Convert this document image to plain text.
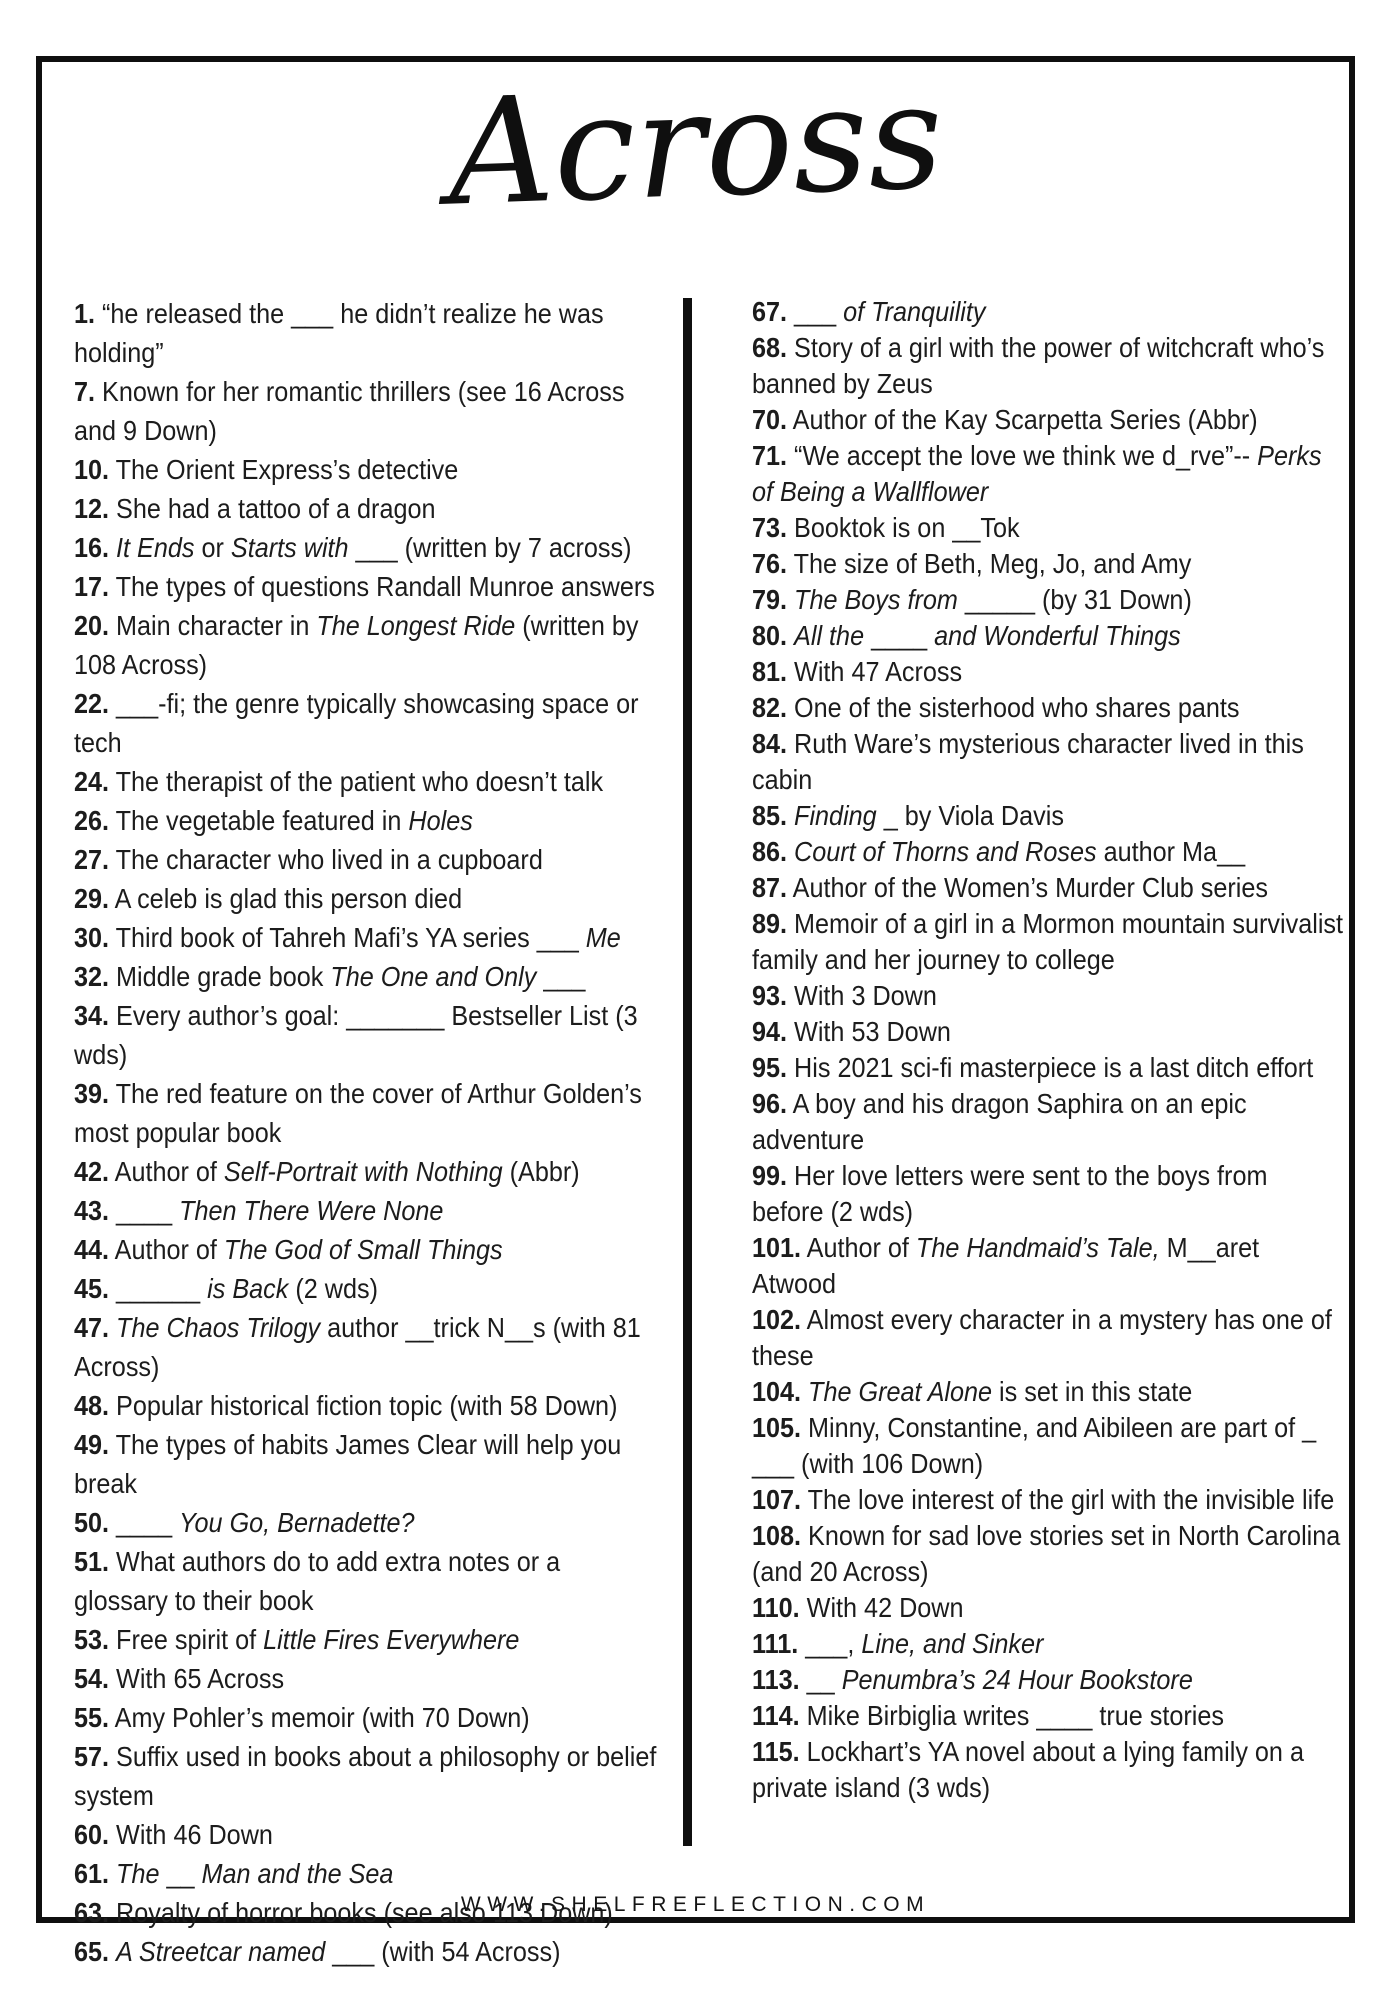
Across

1. “he released the ___ he didn’t realize he was holding”

7. Known for her romantic thrillers (see 16 Across and 9 Down)

10. The Orient Express’s detective

12. She had a tattoo of a dragon

16. It Ends or Starts with ___ (written by 7 across)

17. The types of questions Randall Munroe answers

20. Main character in The Longest Ride (written by 108 Across)

22. ___-fi; the genre typically showcasing space or tech

24. The therapist of the patient who doesn’t talk

26. The vegetable featured in Holes

27. The character who lived in a cupboard

29. A celeb is glad this person died

30. Third book of Tahreh Mafi’s YA series ___ Me

32. Middle grade book The One and Only ___

34. Every author’s goal: _______ Bestseller List (3 wds)

39. The red feature on the cover of Arthur Golden’s most popular book

42. Author of Self-Portrait with Nothing (Abbr)

43. ____ Then There Were None

44. Author of The God of Small Things

45. ______ is Back (2 wds)

47. The Chaos Trilogy author __trick N__s (with 81 Across)

48. Popular historical fiction topic (with 58 Down)

49. The types of habits James Clear will help you break

50. ____ You Go, Bernadette?

51. What authors do to add extra notes or a glossary to their book

53. Free spirit of Little Fires Everywhere

54. With 65 Across

55. Amy Pohler’s memoir (with 70 Down)

57. Suffix used in books about a philosophy or belief system

60. With 46 Down

61. The __ Man and the Sea

63. Royalty of horror books (see also 113 Down)

65. A Streetcar named ___ (with 54 Across)

67. ___ of Tranquility

68. Story of a girl with the power of witchcraft who’s banned by Zeus

70. Author of the Kay Scarpetta Series (Abbr)

71. “We accept the love we think we d_rve”-- Perks of Being a Wallflower

73. Booktok is on __Tok

76. The size of Beth, Meg, Jo, and Amy

79. The Boys from _____ (by 31 Down)

80. All the ____ and Wonderful Things

81. With 47 Across

82. One of the sisterhood who shares pants

84. Ruth Ware’s mysterious character lived in this cabin

85. Finding _ by Viola Davis

86. Court of Thorns and Roses author Ma__

87. Author of the Women’s Murder Club series

89. Memoir of a girl in a Mormon mountain survivalist family and her journey to college

93. With 3 Down

94. With 53 Down

95. His 2021 sci-fi masterpiece is a last ditch effort

96. A boy and his dragon Saphira on an epic adventure

99. Her love letters were sent to the boys from before (2 wds)

101. Author of The Handmaid’s Tale, M__aret Atwood

102. Almost every character in a mystery has one of these

104. The Great Alone is set in this state

105. Minny, Constantine, and Aibileen are part of _ ___ (with 106 Down)

107. The love interest of the girl with the invisible life

108. Known for sad love stories set in North Carolina (and 20 Across)

110. With 42 Down

111. ___, Line, and Sinker

113. __ Penumbra’s 24 Hour Bookstore

114. Mike Birbiglia writes ____ true stories

115. Lockhart’s YA novel about a lying family on a private island (3 wds)

WWW.SHELFREFLECTION.COM
